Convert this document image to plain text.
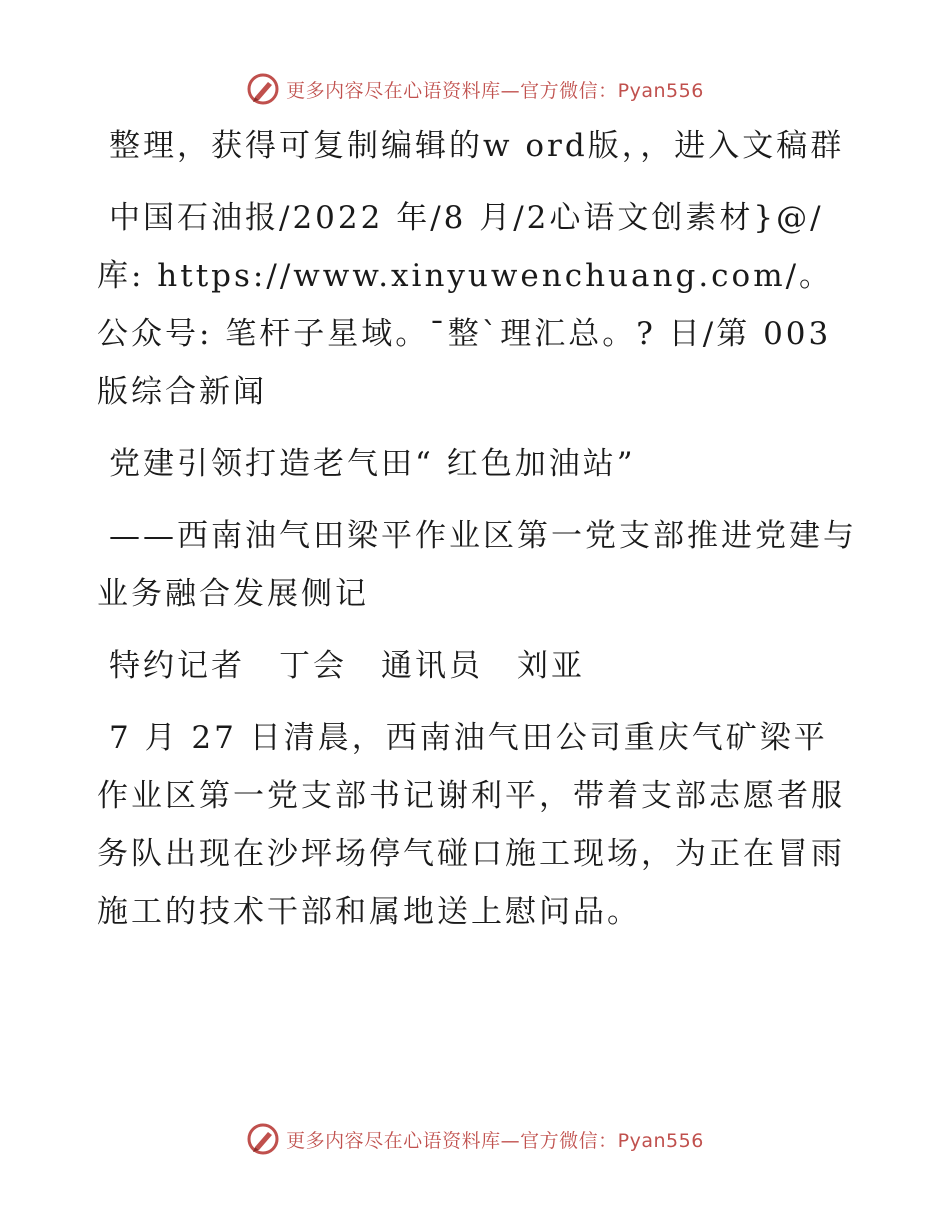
更多内容尽在心语资料库—官方微信：Pyan556

整理，获得可复制编辑的w ord版，，进入文稿群

中国石油报/2022 年/8 月/2心语文创素材}@/库: https://www.xinyuwenchuang.com/。公众号: 笔杆子星域。¯整ˋ理汇总。? 日/第 003 版综合新闻

党建引领打造老气田“ 红色加油站”

——西南油气田梁平作业区第一党支部推进党建与业务融合发展侧记

特约记者　丁会　通讯员　刘亚

7 月 27 日清晨，西南油气田公司重庆气矿梁平作业区第一党支部书记谢利平，带着支部志愿者服务队出现在沙坪场停气碰口施工现场，为正在冒雨施工的技术干部和属地送上慰问品。

更多内容尽在心语资料库—官方微信：Pyan556
